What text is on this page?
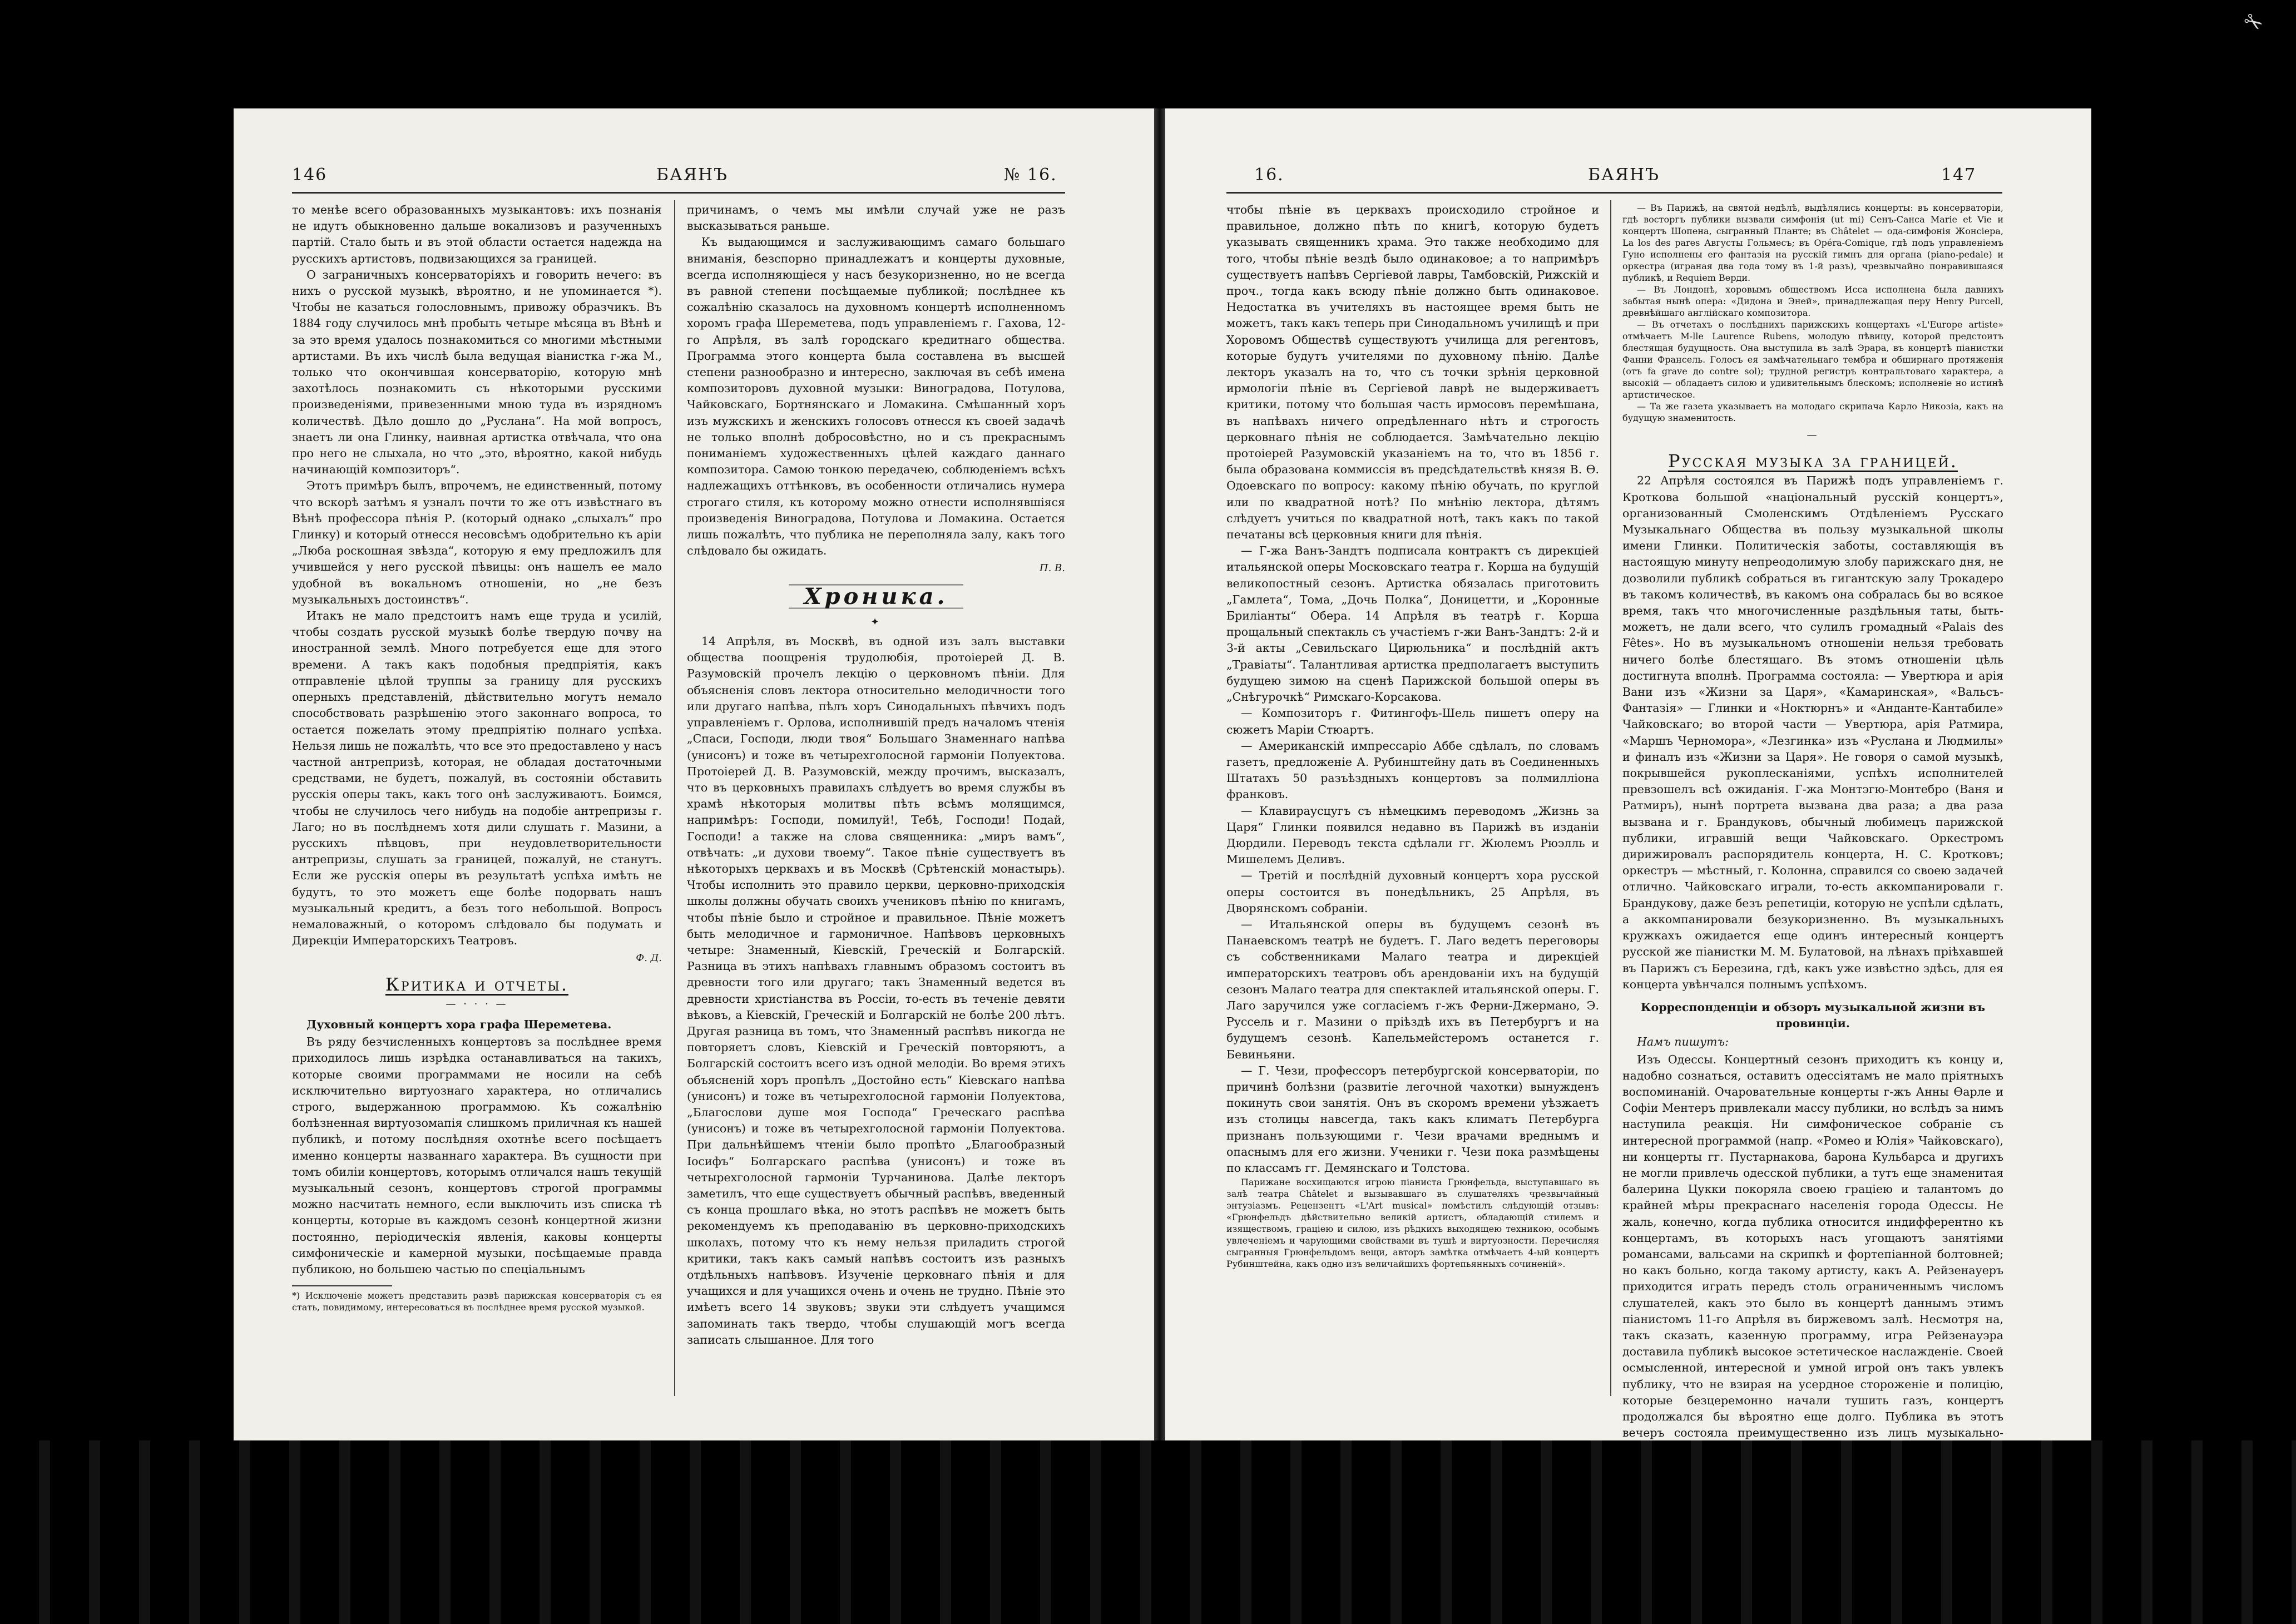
✂
146	БАЯНЪ	№ 16.

то менѣе всего образованныхъ музыкантовъ: ихъ познанія не идутъ обыкновенно дальше вокализовъ и разученныхъ партій. Стало быть и въ этой области остается надежда на русскихъ артистовъ, подвизающихся за границей.

О заграничныхъ консерваторіяхъ и говорить нечего: въ нихъ о русской музыкѣ, вѣроятно, и не упоминается *). Чтобы не казаться голословнымъ, привожу образчикъ. Въ 1884 году случилось мнѣ пробыть четыре мѣсяца въ Вѣнѣ и за это время удалось познакомиться со многими мѣстными артистами. Въ ихъ числѣ была ведущая віанистка г-жа М., только что окончившая консерваторію, которую мнѣ захотѣлось познакомить съ нѣкоторыми русскими произведеніями, привезенными мною туда въ изрядномъ количествѣ. Дѣло дошло до „Руслана“. На мой вопросъ, знаетъ ли она Глинку, наивная артистка отвѣчала, что она про него не слыхала, но что „это, вѣроятно, какой нибудь начинающій композиторъ“.

Этотъ примѣръ былъ, впрочемъ, не единственный, потому что вскорѣ затѣмъ я узналъ почти то же отъ извѣстнаго въ Вѣнѣ профессора пѣнія Р. (который однако „слыхалъ“ про Глинку) и который отнесся несовсѣмъ одобрительно къ аріи „Люба роскошная звѣзда“, которую я ему предложилъ для учившейся у него русской пѣвицы: онъ нашелъ ее мало удобной въ вокальномъ отношеніи, но „не безъ музыкальныхъ достоинствъ“.

Итакъ не мало предстоитъ намъ еще труда и усилій, чтобы создать русской музыкѣ болѣе твердую почву на иностранной землѣ. Много потребуется еще для этого времени. А такъ какъ подобныя предпріятія, какъ отправленіе цѣлой труппы за границу для русскихъ оперныхъ представленій, дѣйствительно могутъ немало способствовать разрѣшенію этого законнаго вопроса, то остается пожелать этому предпріятію полнаго успѣха. Нельзя лишь не пожалѣть, что все это предоставлено у насъ частной антрепризѣ, которая, не обладая достаточными средствами, не будетъ, пожалуй, въ состояніи обставить русскія оперы такъ, какъ того онѣ заслуживаютъ. Боимся, чтобы не случилось чего нибудь на подобіе антрепризы г. Лаго; но въ послѣднемъ хотя дили слушать г. Мазини, а русскихъ пѣвцовъ, при неудовлетворительности антрепризы, слушать за границей, пожалуй, не станутъ. Если же русскія оперы въ результатѣ успѣха имѣть не будутъ, то это можетъ еще болѣе подорвать нашъ музыкальный кредитъ, а безъ того небольшой. Вопросъ немаловажный, о которомъ слѣдовало бы подумать и Дирекціи Императорскихъ Театровъ.

Ф. Д.
Критика и отчеты.
— · · · —
Духовный концертъ хора графа Шереметева.

Въ ряду безчисленныхъ концертовъ за послѣднее время приходилось лишь изрѣдка останавливаться на такихъ, которые своими программами не носили на себѣ исключительно виртуознаго характера, но отличались строго, выдержанною программою. Къ сожалѣнію болѣзненная виртуозомапія слишкомъ приличная къ нашей публикѣ, и потому послѣдняя охотнѣе всего посѣщаетъ именно концерты названнаго характера. Въ сущности при томъ обиліи концертовъ, которымъ отличался нашъ текущій музыкальный сезонъ, концертовъ строгой программы можно насчитать немного, если выключить изъ списка тѣ концерты, которые въ каждомъ сезонѣ концертной жизни постоянно, періодическія явленія, каковы концерты симфоническіе и камерной музыки, посѣщаемые правда публикою, но большею частью по спеціальнымъ

*) Исключеніе можетъ представить развѣ парижская консерваторія съ ея стать, повидимому, интересоваться въ послѣднее время русской музыкой.

причинамъ, о чемъ мы имѣли случай уже не разъ высказываться раньше.

Къ выдающимся и заслуживающимъ самаго большаго вниманія, безспорно принадлежатъ и концерты духовные, всегда исполняющіеся у насъ безукоризненно, но не всегда въ равной степени посѣщаемые публикой; послѣднее къ сожалѣнію сказалось на духовномъ концертѣ исполненномъ хоромъ графа Шереметева, подъ управленіемъ г. Гахова, 12-го Апрѣля, въ залѣ городскаго кредитнаго общества. Программа этого концерта была составлена въ высшей степени разнообразно и интересно, заключая въ себѣ имена композиторовъ духовной музыки: Виноградова, Потулова, Чайковскаго, Бортнянскаго и Ломакина. Смѣшанный хоръ изъ мужскихъ и женскихъ голосовъ отнесся къ своей задачѣ не только вполнѣ добросовѣстно, но и съ прекраснымъ пониманіемъ художественныхъ цѣлей каждаго даннаго композитора. Самою тонкою передачею, соблюденіемъ всѣхъ надлежащихъ оттѣнковъ, въ особенности отличались нумера строгаго стиля, къ которому можно отнести исполнявшіяся произведенія Виноградова, Потулова и Ломакина. Остается лишь пожалѣть, что публика не переполняла залу, какъ того слѣдовало бы ожидать.

П. В.
Хроника.
✦

14 Апрѣля, въ Москвѣ, въ одной изъ залъ выставки общества поощренія трудолюбія, протоіерей Д. В. Разумовскій прочелъ лекцію о церковномъ пѣніи. Для объясненія словъ лектора относительно мелодичности того или другаго напѣва, пѣлъ хоръ Синодальныхъ пѣвчихъ подъ управленіемъ г. Орлова, исполнившій предъ началомъ чтенія „Спаси, Господи, люди твоя“ Большаго Знаменнаго напѣва (унисонъ) и тоже въ четырехголосной гармоніи Полуектова. Протоіерей Д. В. Разумовскій, между прочимъ, высказалъ, что въ церковныхъ правилахъ слѣдуетъ во время службы въ храмѣ нѣкоторыя молитвы пѣть всѣмъ молящимся, напримѣръ: Господи, помилуй!, Тебѣ, Господи! Подай, Господи! а также на слова священника: „миръ вамъ“, отвѣчать: „и духови твоему“. Такое пѣніе существуетъ въ нѣкоторыхъ церквахъ и въ Москвѣ (Срѣтенскій монастырь). Чтобы исполнить это правило церкви, церковно-приходскія школы должны обучать своихъ учениковъ пѣнію по книгамъ, чтобы пѣніе было и стройное и правильное. Пѣніе можетъ быть мелодичное и гармоничное. Напѣвовъ церковныхъ четыре: Знаменный, Кіевскій, Греческій и Болгарскій. Разница въ этихъ напѣвахъ главнымъ образомъ состоитъ въ древности того или другаго; такъ Знаменный ведется въ древности христіанства въ Россіи, то-есть въ теченіе девяти вѣковъ, а Кіевскій, Греческій и Болгарскій не болѣе 200 лѣтъ. Другая разница въ томъ, что Знаменный распѣвъ никогда не повторяетъ словъ, Кіевскій и Греческій повторяютъ, а Болгарскій состоитъ всего изъ одной мелодіи. Во время этихъ объясненій хоръ пропѣлъ „Достойно есть“ Кіевскаго напѣва (унисонъ) и тоже въ четырехголосной гармоніи Полуектова, „Благослови душе моя Господа“ Греческаго распѣва (унисонъ) и тоже въ четырехголосной гармоніи Полуектова. При дальнѣйшемъ чтеніи было пропѣто „Благообразный Іосифъ“ Болгарскаго распѣва (унисонъ) и тоже въ четырехголосной гармоніи Турчанинова. Далѣе лекторъ заметилъ, что еще существуетъ обычный распѣвъ, введенный съ конца прошлаго вѣка, но этотъ распѣвъ не можетъ быть рекомендуемъ къ преподаванію въ церковно-приходскихъ школахъ, потому что къ нему нельзя приладить строгой критики, такъ какъ самый напѣвъ состоитъ изъ разныхъ отдѣльныхъ напѣвовъ. Изученіе церковнаго пѣнія и для учащихся и для учащихся очень и очень не трудно. Пѣніе это имѣетъ всего 14 звуковъ; звуки эти слѣдуетъ учащимся запоминать такъ твердо, чтобы слушающій могъ всегда записать слышанное. Для того

16.	БАЯНЪ	147

чтобы пѣніе въ церквахъ происходило стройное и правильное, должно пѣть по книгѣ, которую будетъ указывать священникъ храма. Это также необходимо для того, чтобы пѣніе вездѣ было одинаковое; а то напримѣръ существуетъ напѣвъ Сергіевой лавры, Тамбовскій, Рижскій и проч., тогда какъ всюду пѣніе должно быть одинаковое. Недостатка въ учителяхъ въ настоящее время быть не можетъ, такъ какъ теперь при Синодальномъ училищѣ и при Хоровомъ Обществѣ существуютъ училища для регентовъ, которые будутъ учителями по духовному пѣнію. Далѣе лекторъ указалъ на то, что съ точки зрѣнія церковной ирмологіи пѣніе въ Сергіевой лаврѣ не выдерживаетъ критики, потому что большая часть ирмосовъ перемѣшана, въ напѣвахъ ничего опредѣленнаго нѣтъ и строгость церковнаго пѣнія не соблюдается. Замѣчательно лекцію протоіерей Разумовскій указаніемъ на то, что въ 1856 г. была образована коммиссія въ предсѣдательствѣ князя В. Ѳ. Одоевскаго по вопросу: какому пѣнію обучать, по круглой или по квадратной нотѣ? По мнѣнію лектора, дѣтямъ слѣдуетъ учиться по квадратной нотѣ, такъ какъ по такой печатаны всѣ церковныя книги для пѣнія.

— Г-жа Ванъ-Зандтъ подписала контрактъ съ дирекціей итальянской оперы Московскаго театра г. Корша на будущій великопостный сезонъ. Артистка обязалась приготовить „Гамлета“, Тома, „Дочь Полка“, Доницетти, и „Коронные Бриліанты“ Обера. 14 Апрѣля въ театрѣ г. Корша прощальный спектакль съ участіемъ г-жи Ванъ-Зандтъ: 2-й и 3-й акты „Севильскаго Цирюльника“ и послѣдній актъ „Травіаты“. Талантливая артистка предполагаетъ выступить будущею зимою на сценѣ Парижской большой оперы въ „Снѣгурочкѣ“ Римскаго-Корсакова.

— Композиторъ г. Фитингофъ-Шель пишетъ оперу на сюжетъ Маріи Стюартъ.

— Американскій импрессаріо Аббе сдѣлалъ, по словамъ газетъ, предложеніе А. Рубинштейну дать въ Соединенныхъ Штатахъ 50 разъѣздныхъ концертовъ за полмилліона франковъ.

— Клавираусцугъ съ нѣмецкимъ переводомъ „Жизнь за Царя“ Глинки появился недавно въ Парижѣ въ изданіи Дюрдили. Переводъ текста сдѣлали гг. Жюлемъ Рюэлль и Мишелемъ Деливъ.

— Третій и послѣдній духовный концертъ хора русской оперы состоится въ понедѣльникъ, 25 Апрѣля, въ Дворянскомъ собраніи.

— Итальянской оперы въ будущемъ сезонѣ въ Панаевскомъ театрѣ не будетъ. Г. Лаго ведетъ переговоры съ собственниками Малаго театра и дирекціей императорскихъ театровъ объ арендованіи ихъ на будущій сезонъ Малаго театра для спектаклей итальянской оперы. Г. Лаго заручился уже согласіемъ г-жъ Ферни-Джермано, Э. Руссель и г. Мазини о пріѣздѣ ихъ въ Петербургъ и на будущемъ сезонѣ. Капельмейстеромъ останется г. Бевиньяни.

— Г. Чези, профессоръ петербургской консерваторіи, по причинѣ болѣзни (развитіе легочной чахотки) вынужденъ покинуть свои занятія. Онъ въ скоромъ времени уѣзжаетъ изъ столицы навсегда, такъ какъ климатъ Петербурга признанъ пользующими г. Чези врачами вреднымъ и опаснымъ для его жизни. Ученики г. Чези пока размѣщены по классамъ гг. Демянскаго и Толстова.

Парижане восхищаются игрою піаниста Грюнфельда, выступавшаго въ залѣ театра Châtelet и вызывавшаго въ слушателяхъ чрезвычайный энтузіазмъ. Рецензентъ «L'Art musical» помѣстилъ слѣдующій отзывъ: «Грюнфельдъ дѣйствительно великій артистъ, обладающій стилемъ и изяществомъ, граціею и силою, изъ рѣдкихъ выходящею техникою, особымъ увлеченіемъ и чарующими свойствами въ тушѣ и виртуозности. Перечисляя сыгранныя Грюнфельдомъ вещи, авторъ замѣтка отмѣчаетъ 4-ый концертъ Рубинштейна, какъ одно изъ величайшихъ фортепьянныхъ сочиненій».

— Въ Парижѣ, на святой недѣлѣ, выдѣлялись концерты: въ консерваторіи, гдѣ восторгъ публики вызвали симфонія (ut mi) Сенъ-Санса Marie et Vie и концертъ Шопена, сыгранный Планте; въ Châtelet — ода-симфонія Жонсіера, La los des pares Августы Гольмесъ; въ Opéra-Comique, гдѣ подъ управленіемъ Гуно исполнены его фантазія на русскій гимнъ для органа (piano-pedale) и оркестра (играная два года тому въ 1-й разъ), чрезвычайно понравившаяся публикѣ, и Requiem Верди.

— Въ Лондонѣ, хоровымъ обществомъ Исса исполнена была давнихъ забытая нынѣ опера: «Дидона и Эней», принадлежащая перу Henry Purcell, древнѣйшаго англійскаго композитора.

— Въ отчетахъ о послѣднихъ парижскихъ концертахъ «L'Europe artiste» отмѣчаетъ M-lle Laurence Rubens, молодую пѣвицу, которой предстоитъ блестящая будущность. Она выступила въ залѣ Эрара, въ концертѣ піанистки Фанни Франсель. Голосъ ея замѣчательнаго тембра и обширнаго протяженія (отъ fa grave до contre sol); трудной регистръ контральтоваго характера, а высокій — обладаетъ силою и удивительнымъ блескомъ; исполненіе но истинѣ артистическое.

— Та же газета указываетъ на молодаго скрипача Карло Никозіа, какъ на будущую знаменитость.

—
Русская музыка за границей.

22 Апрѣля состоялся въ Парижѣ подъ управленіемъ г. Кроткова большой «національный русскій концертъ», организованный Смоленскимъ Отдѣленіемъ Русскаго Музыкальнаго Общества въ пользу музыкальной школы имени Глинки. Политическія заботы, составляющія въ настоящую минуту непреодолимую злобу парижскаго дня, не дозволили публикѣ собраться въ гигантскую залу Трокадеро въ такомъ количествѣ, въ какомъ она собралась бы во всякое время, такъ что многочисленные раздѣльныя таты, быть-можетъ, не дали всего, что сулилъ громадный «Palais des Fêtes». Но въ музыкальномъ отношеніи нельзя требовать ничего болѣе блестящаго. Въ этомъ отношеніи цѣль достигнута вполнѣ. Программа состояла: — Увертюра и арія Вани изъ «Жизни за Царя», «Камаринская», «Вальсъ-Фантазія» — Глинки и «Ноктюрнъ» и «Анданте-Кантабиле» Чайковскаго; во второй части — Увертюра, арія Ратмира, «Маршъ Черномора», «Лезгинка» изъ «Руслана и Людмилы» и финалъ изъ «Жизни за Царя». Не говоря о самой музыкѣ, покрывшейся рукоплесканіями, успѣхъ исполнителей превзошелъ всѣ ожиданія. Г-жа Монтэгю-Монтебро (Ваня и Ратмиръ), нынѣ портрета вызвана два раза; а два раза вызвана и г. Брандуковъ, обычный любимецъ парижской публики, игравшій вещи Чайковскаго. Оркестромъ дирижировалъ распорядитель концерта, Н. С. Кротковъ; оркестръ — мѣстный, г. Колонна, справился со своею задачей отлично. Чайковскаго играли, то-есть аккомпанировали г. Брандукову, даже безъ репетиціи, которую не успѣли сдѣлать, а аккомпанировали безукоризненно. Въ музыкальныхъ кружкахъ ожидается еще одинъ интересный концертъ русской же піанистки М. М. Булатовой, на лѣнахъ пріѣхавшей въ Парижъ съ Березина, гдѣ, какъ уже извѣстно здѣсь, для ея концерта увѣнчался полнымъ успѣхомъ.

Корреспонденціи и обзоръ музыкальной жизни въ провинціи.
Намъ пишутъ:

Изъ Одессы. Концертный сезонъ приходитъ къ концу и, надобно сознаться, оставитъ одессіятамъ не мало пріятныхъ воспоминаній. Очаровательные концерты г-жъ Анны Ѳарле и Софіи Ментеръ привлекали массу публики, но вслѣдъ за нимъ наступила реакція. Ни симфоническое собраніе съ интересной программой (напр. «Ромео и Юлія» Чайковскаго), ни концерты гг. Пустарнакова, барона Кульбарса и другихъ не могли привлечь одесской публики, а тутъ еще знаменитая балерина Цукки покоряла своею граціею и талантомъ до крайней мѣры прекраснаго населенія города Одессы. Не жаль, конечно, когда публика относится индифферентно къ концертамъ, въ которыхъ насъ угощаютъ занятіями романсами, вальсами на скрипкѣ и фортепіанной болтовней; но какъ больно, когда такому артисту, какъ А. Рейзенауеръ приходится играть передъ столь ограниченнымъ числомъ слушателей, какъ это было въ концертѣ даннымъ этимъ піанистомъ 11-го Апрѣля въ биржевомъ залѣ. Несмотря на, такъ сказать, казенную программу, игра Рейзенауэра доставила публикѣ высокое эстетическое наслажденіе. Своей осмысленной, интересной и умной игрой онъ такъ увлекъ публику, что не взирая на усердное стороженіе и полицію, которые безцеремонно начали тушить газъ, концертъ продолжался бы вѣроятно еще долго. Публика въ этотъ вечеръ состояла преимущественно изъ лицъ музыкально-
